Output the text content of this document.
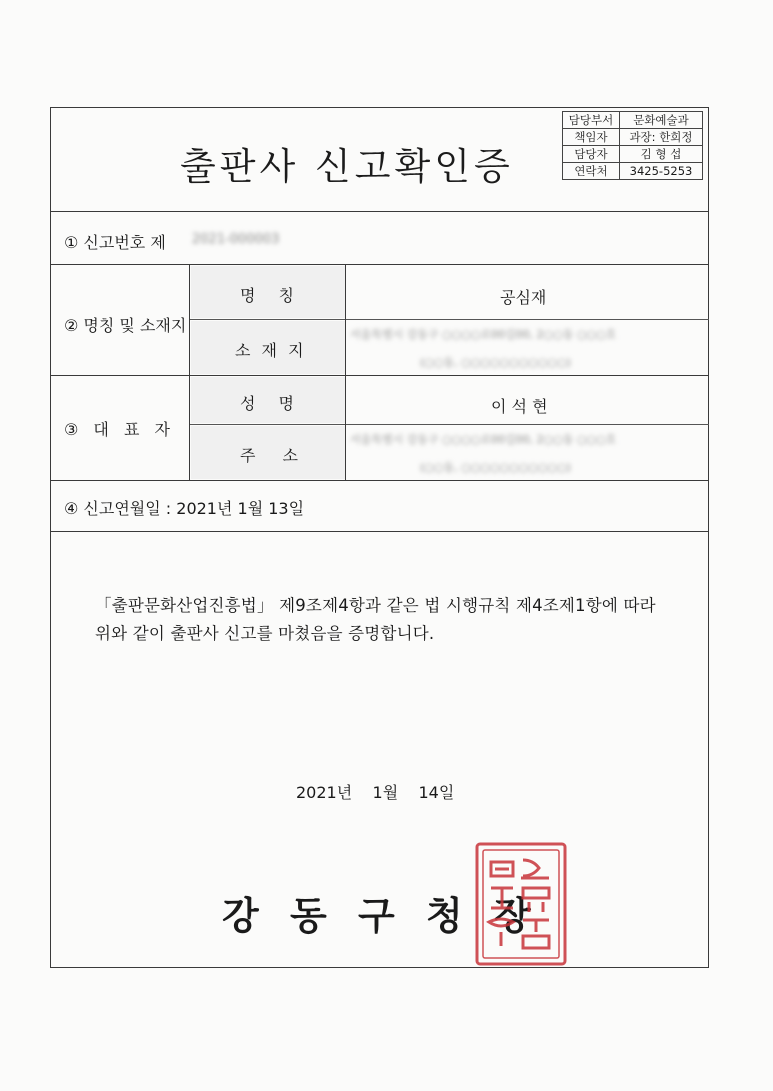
출판사 신고확인증
담당부서	문화예술과
책임자	과장: 한희정
담당자	김 형 섭
연락처	3425-5253
① 신고번호 제 2021-000003
② 명칭 및 소재지
명 칭	공심재
소 재 지
서울특별시 강동구 ○○○○로00길00, 2○○동 ○○○호
(○○동, ○○○○○○○○○○○)
③ 대 표 자
성 명	이 석 현
주 소
서울특별시 강동구 ○○○○로00길00, 2○○동 ○○○호
(○○동, ○○○○○○○○○○○)
④ 신고연월일 : 2021년 1월 13일
「출판문화산업진흥법」 제9조제4항과 같은 법 시행규칙 제4조제1항에 따라
위와 같이 출판사 신고를 마쳤음을 증명합니다.
2021년    1월    14일
강 동 구 청 장
